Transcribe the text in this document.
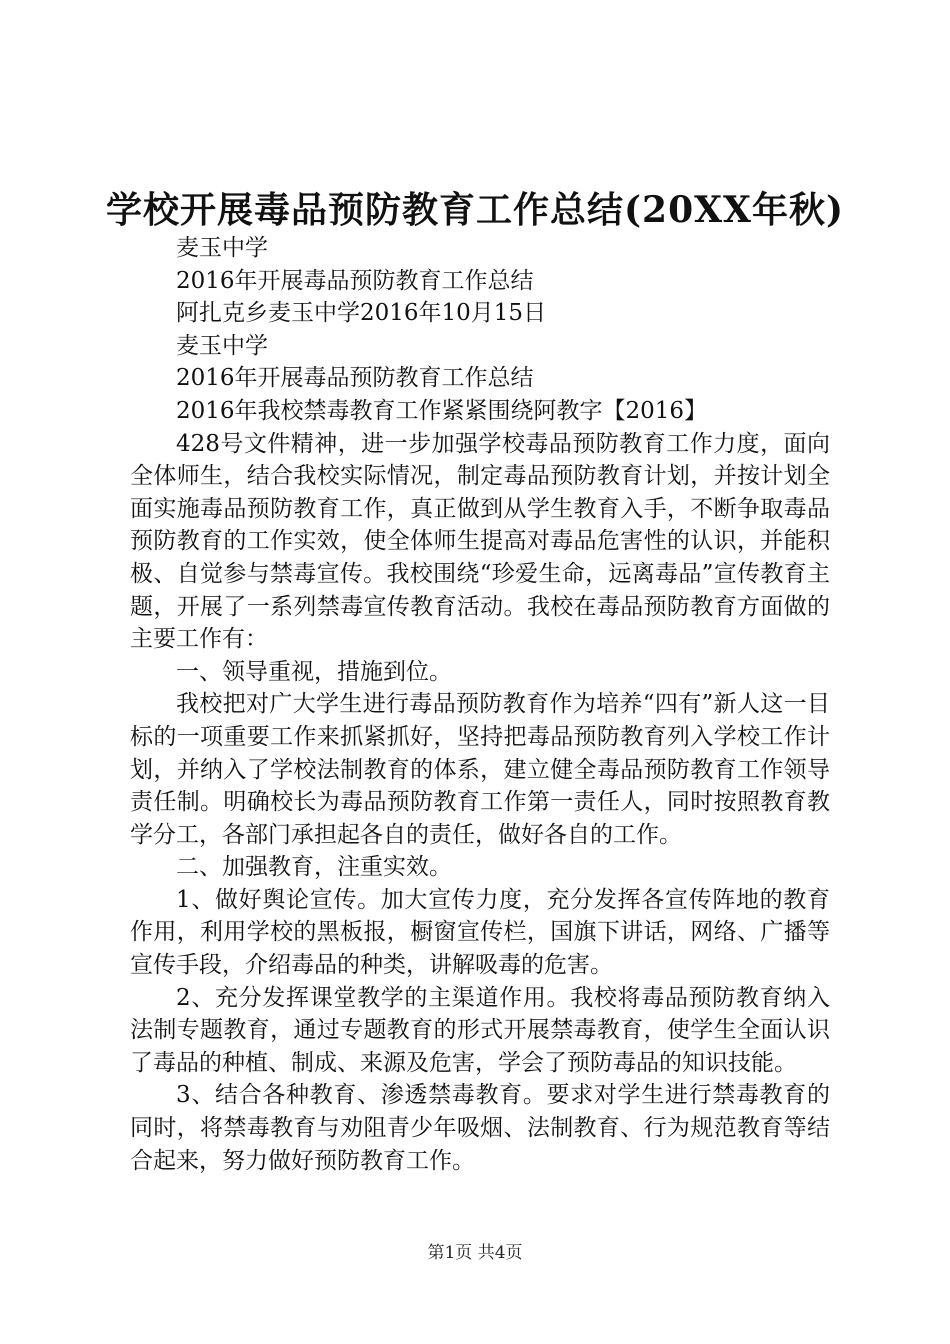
学校开展毒品预防教育工作总结(20XX年秋)
麦玉中学
2016年开展毒品预防教育工作总结
阿扎克乡麦玉中学2016年10月15日
麦玉中学
2016年开展毒品预防教育工作总结
2016年我校禁毒教育工作紧紧围绕阿教字【2016】

428号文件精神，进一步加强学校毒品预防教育工作力度，面向全体师生，结合我校实际情况，制定毒品预防教育计划，并按计划全面实施毒品预防教育工作，真正做到从学生教育入手，不断争取毒品预防教育的工作实效，使全体师生提高对毒品危害性的认识，并能积极、自觉参与禁毒宣传。我校围绕“珍爱生命，远离毒品”宣传教育主题，开展了一系列禁毒宣传教育活动。我校在毒品预防教育方面做的主要工作有：

一、领导重视，措施到位。

我校把对广大学生进行毒品预防教育作为培养“四有”新人这一目标的一项重要工作来抓紧抓好，坚持把毒品预防教育列入学校工作计划，并纳入了学校法制教育的体系，建立健全毒品预防教育工作领导责任制。明确校长为毒品预防教育工作第一责任人，同时按照教育教学分工，各部门承担起各自的责任，做好各自的工作。

二、加强教育，注重实效。

1、做好舆论宣传。加大宣传力度，充分发挥各宣传阵地的教育作用，利用学校的黑板报，橱窗宣传栏，国旗下讲话，网络、广播等宣传手段，介绍毒品的种类，讲解吸毒的危害。

2、充分发挥课堂教学的主渠道作用。我校将毒品预防教育纳入法制专题教育，通过专题教育的形式开展禁毒教育，使学生全面认识了毒品的种植、制成、来源及危害，学会了预防毒品的知识技能。

3、结合各种教育、渗透禁毒教育。要求对学生进行禁毒教育的同时，将禁毒教育与劝阻青少年吸烟、法制教育、行为规范教育等结合起来，努力做好预防教育工作。

第1页 共4页
